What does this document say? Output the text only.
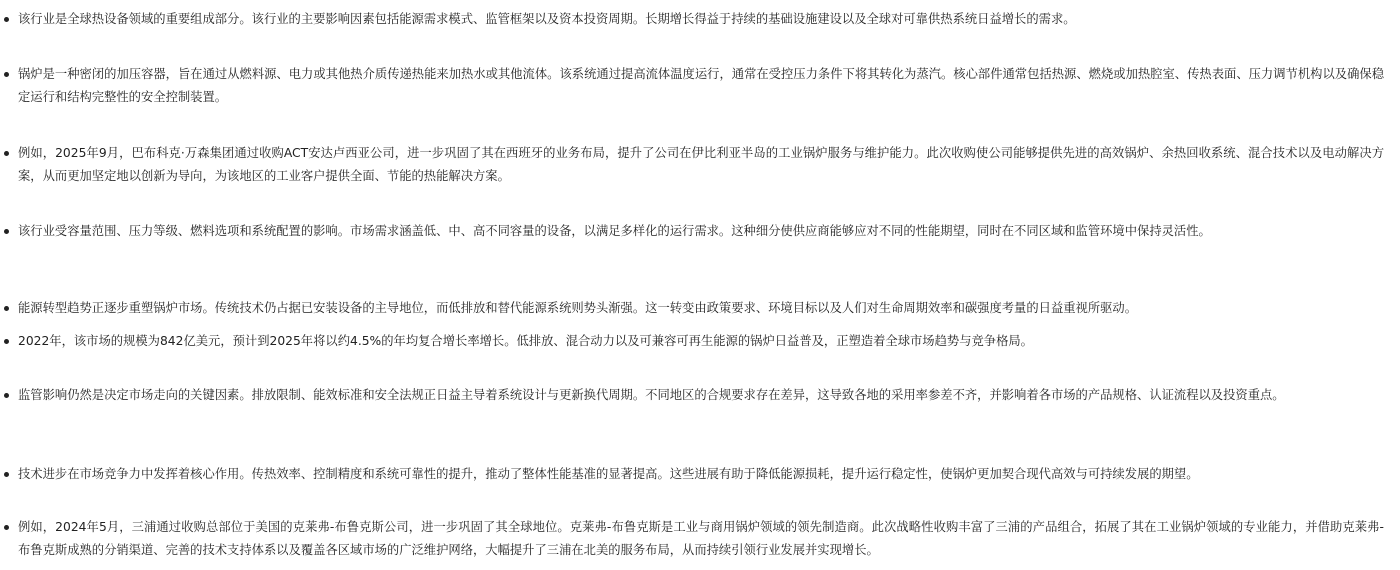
该行业是全球热设备领域的重要组成部分。该行业的主要影响因素包括能源需求模式、监管框架以及资本投资周期。长期增长得益于持续的基础设施建设以及全球对可靠供热系统日益增长的需求。
锅炉是一种密闭的加压容器，旨在通过从燃料源、电力或其他热介质传递热能来加热水或其他流体。该系统通过提高流体温度运行，通常在受控压力条件下将其转化为蒸汽。核心部件通常包括热源、燃烧或加热腔室、传热表面、压力调节机构以及确保稳定运行和结构完整性的安全控制装置。
例如，2025年9月，巴布科克·万森集团通过收购ACT安达卢西亚公司，进一步巩固了其在西班牙的业务布局，提升了公司在伊比利亚半岛的工业锅炉服务与维护能力。此次收购使公司能够提供先进的高效锅炉、余热回收系统、混合技术以及电动解决方案，从而更加坚定地以创新为导向，为该地区的工业客户提供全面、节能的热能解决方案。
该行业受容量范围、压力等级、燃料选项和系统配置的影响。市场需求涵盖低、中、高不同容量的设备，以满足多样化的运行需求。这种细分使供应商能够应对不同的性能期望，同时在不同区域和监管环境中保持灵活性。
能源转型趋势正逐步重塑锅炉市场。传统技术仍占据已安装设备的主导地位，而低排放和替代能源系统则势头渐强。这一转变由政策要求、环境目标以及人们对生命周期效率和碳强度考量的日益重视所驱动。
2022年，该市场的规模为842亿美元，预计到2025年将以约4.5%的年均复合增长率增长。低排放、混合动力以及可兼容可再生能源的锅炉日益普及，正塑造着全球市场趋势与竞争格局。
监管影响仍然是决定市场走向的关键因素。排放限制、能效标准和安全法规正日益主导着系统设计与更新换代周期。不同地区的合规要求存在差异，这导致各地的采用率参差不齐，并影响着各市场的产品规格、认证流程以及投资重点。
技术进步在市场竞争力中发挥着核心作用。传热效率、控制精度和系统可靠性的提升，推动了整体性能基准的显著提高。这些进展有助于降低能源损耗，提升运行稳定性，使锅炉更加契合现代高效与可持续发展的期望。
例如，2024年5月，三浦通过收购总部位于美国的克莱弗-布鲁克斯公司，进一步巩固了其全球地位。克莱弗-布鲁克斯是工业与商用锅炉领域的领先制造商。此次战略性收购丰富了三浦的产品组合，拓展了其在工业锅炉领域的专业能力，并借助克莱弗-布鲁克斯成熟的分销渠道、完善的技术支持体系以及覆盖各区域市场的广泛维护网络，大幅提升了三浦在北美的服务布局，从而持续引领行业发展并实现增长。
